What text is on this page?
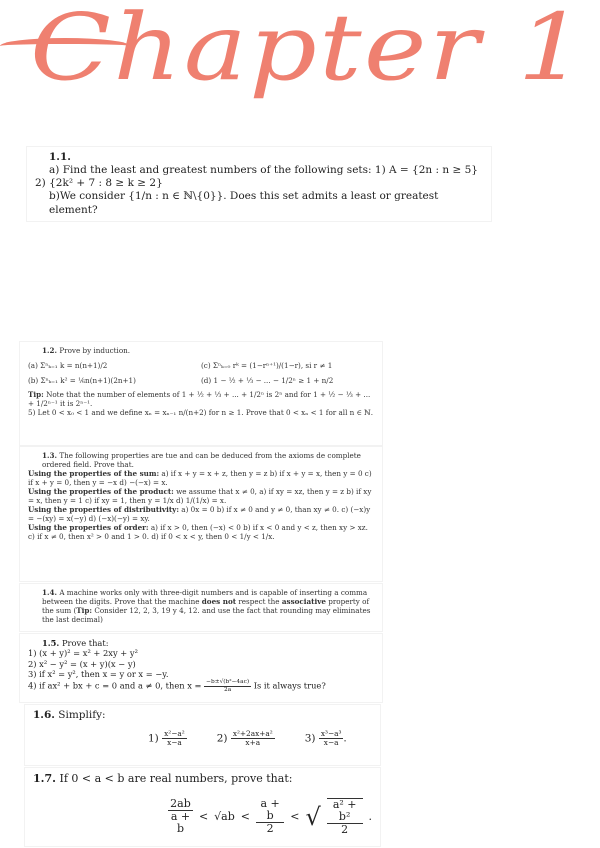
Chapter 1
1.1.
a) Find the least and greatest numbers of the following sets: 1) A = {2n : n ≥ 5}
2) {2k² + 7 : 8 ≥ k ≥ 2}
b)We consider {1/n : n ∈ ℕ\{0}}. Does this set admits a least or greatest element?
1.2. Prove by induction.
(a) Σⁿₖ₌₁ k = n(n+1)/2	(c) Σⁿₖ₌₀ rᵏ = (1−rⁿ⁺¹)/(1−r), si r ≠ 1
(b) Σⁿₖ₌₁ k² = ⅙n(n+1)(2n+1)	(d) 1 − ½ + ⅓ − ... − 1/2ⁿ ≥ 1 + n/2
Tip: Note that the number of elements of 1 + ½ + ⅓ + ... + 1/2ⁿ is 2ⁿ and for 1 + ½ − ⅓ + ... + 1/2ⁿ⁻¹ it is 2ⁿ⁻¹.
5) Let 0 < x₀ < 1 and we define xₙ = xₙ₋₁ n/(n+2) for n ≥ 1. Prove that 0 < xₙ < 1 for all n ∈ ℕ.
1.3. The following properties are tue and can be deduced from the axioms de complete ordered field. Prove that.
Using the properties of the sum: a) if x + y = x + z, then y = z b) if x + y = x, then y = 0 c) if x + y = 0, then y = −x d) −(−x) = x.
Using the properties of the product: we assume that x ≠ 0, a) if xy = xz, then y = z b) if xy = x, then y = 1 c) if xy = 1, then y = 1/x d) 1/(1/x) = x.
Using the properties of distributivity: a) 0x = 0 b) if x ≠ 0 and y ≠ 0, than xy ≠ 0. c) (−x)y = −(xy) = x(−y) d) (−x)(−y) = xy.
Using the properties of order: a) if x > 0, then (−x) < 0 b) if x < 0 and y < z, then xy > xz. c) if x ≠ 0, then x² > 0 and 1 > 0. d) if 0 < x < y, then 0 < 1/y < 1/x.
1.4. A machine works only with three-digit numbers and is capable of inserting a comma between the digits. Prove that the machine does not respect the associative property of the sum (Tip: Consider 12, 2, 3, 19 y 4, 12. and use the fact that rounding may eliminates the last decimal)
1.5. Prove that:
1) (x + y)² = x² + 2xy + y²
2) x² − y² = (x + y)(x − y)
3) if x² = y², then x = y or x = −y.
4) if ax² + bx + c = 0 and a ≠ 0, then $x = \frac{\text{−b±√(b²−4ac)}}{2a}$ Is it always true?
1.6. Simplify:
$1) \frac{\text{x²−a²}}{x-a}$	$2) \frac{\text{x²+2ax+a²}}{x+a}$	$3) \frac{\text{x³−a³}}{x-a}$ .
1.7. If 0 < a < b are real numbers, prove that:
$\frac{2ab}{a + b} < √ab < \frac{a + b}{2}$ < √ $\frac{\text{a² + b²}}{2}$ .
